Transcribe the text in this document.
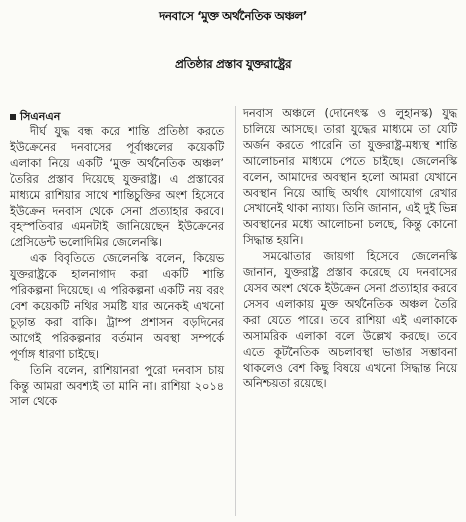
দনবাসে ‘মুক্ত অর্থনৈতিক অঞ্চল’
প্রতিষ্ঠার প্রস্তাব যুক্তরাষ্ট্রের
সিএনএন

দীর্ঘ যুদ্ধ বন্ধ করে শান্তি প্রতিষ্ঠা করতে ইউক্রেনের দনবাসের পূর্বাঞ্চলের কয়েকটি এলাকা নিয়ে একটি ‘মুক্ত অর্থনৈতিক অঞ্চল’ তৈরির প্রস্তাব দিয়েছে যুক্তরাষ্ট্র। এ প্রস্তাবের মাধ্যমে রাশিয়ার সাথে শান্তিচুক্তির অংশ হিসেবে ইউক্রেন দনবাস থেকে সেনা প্রত্যাহার করবে। বৃহস্পতিবার এমনটাই জানিয়েছেন ইউক্রেনের প্রেসিডেন্ট ভলোদিমির জেলেনস্কি।

এক বিবৃতিতে জেলেনস্কি বলেন, কিয়েভ যুক্তরাষ্ট্রকে হালনাগাদ করা একটি শান্তি পরিকল্পনা দিয়েছে। এ পরিকল্পনা একটি নয় বরং বেশ কয়েকটি নথির সমষ্টি যার অনেকই এখনো চূড়ান্ত করা বাকি। ট্রাম্প প্রশাসন বড়দিনের আগেই পরিকল্পনার বর্তমান অবস্থা সম্পর্কে পূর্ণাঙ্গ ধারণা চাইছে।

তিনি বলেন, রাশিয়ানরা পুরো দনবাস চায় কিন্তু আমরা অবশ্যই তা মানি না। রাশিয়া ২০১৪ সাল থেকে

দনবাস অঞ্চলে (দোনেৎস্ক ও লুহানস্ক) যুদ্ধ চালিয়ে আসছে। তারা যুদ্ধের মাধ্যমে তা যেটি অর্জন করতে পারেনি তা যুক্তরাষ্ট্র-মধ্যস্থ শান্তি আলোচনার মাধ্যমে পেতে চাইছে। জেলেনস্কি বলেন, আমাদের অবস্থান হলো আমরা যেখানে অবস্থান নিয়ে আছি অর্থাৎ যোগাযোগ রেখার সেখানেই থাকা ন্যায্য। তিনি জানান, এই দুই ভিন্ন অবস্থানের মধ্যে আলোচনা চলছে, কিন্তু কোনো সিদ্ধান্ত হয়নি।

সমঝোতার জায়গা হিসেবে জেলেনস্কি জানান, যুক্তরাষ্ট্র প্রস্তাব করেছে যে দনবাসের যেসব অংশ থেকে ইউক্রেন সেনা প্রত্যাহার করবে সেসব এলাকায় মুক্ত অর্থনৈতিক অঞ্চল তৈরি করা যেতে পারে। তবে রাশিয়া এই এলাকাকে অসামরিক এলাকা বলে উল্লেখ করছে। তবে এতে কূটনৈতিক অচলাবস্থা ভাঙার সম্ভাবনা থাকলেও বেশ কিছু বিষয়ে এখনো সিদ্ধান্ত নিয়ে অনিশ্চয়তা রয়েছে।
